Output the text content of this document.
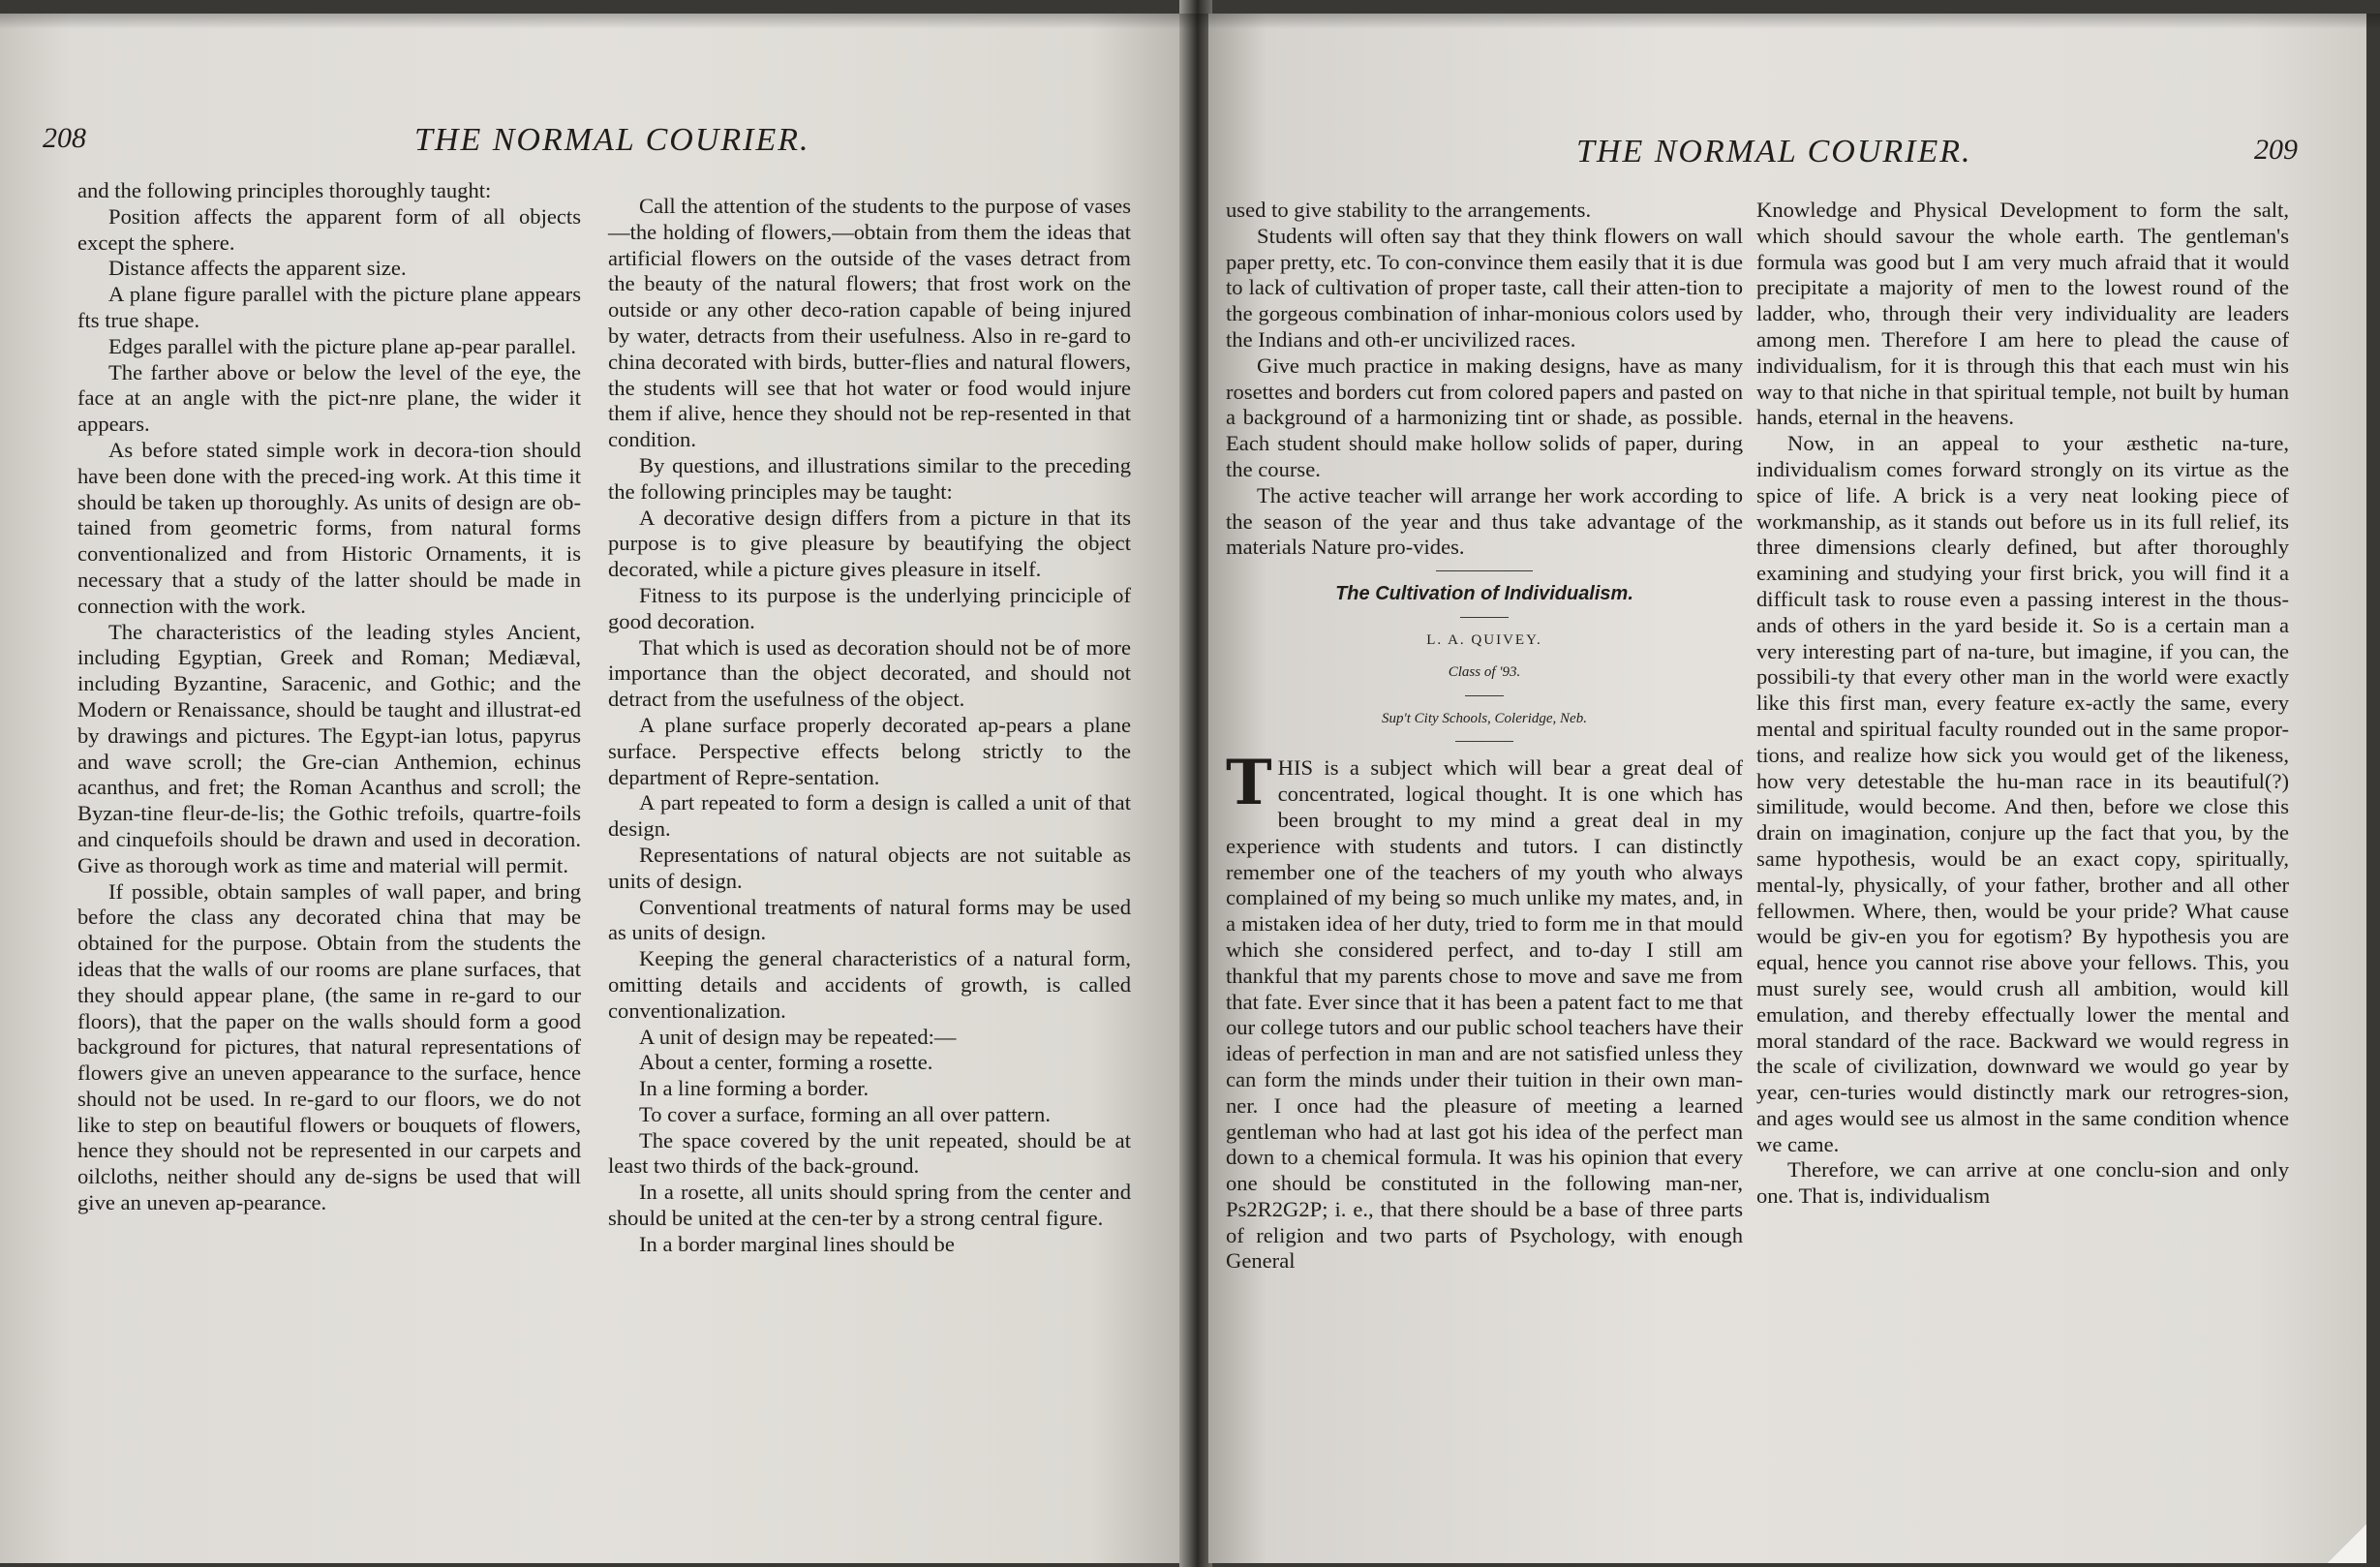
208	THE NORMAL COURIER.

and the following principles thoroughly taught:

Position affects the apparent form of all objects except the sphere.

Distance affects the apparent size.

A plane figure parallel with the picture plane appears fts true shape.

Edges parallel with the picture plane ap-pear parallel.

The farther above or below the level of the eye, the face at an angle with the pict-nre plane, the wider it appears.

As before stated simple work in decora-tion should have been done with the preced-ing work. At this time it should be taken up thoroughly. As units of design are ob-tained from geometric forms, from natural forms conventionalized and from Historic Ornaments, it is necessary that a study of the latter should be made in connection with the work.

The characteristics of the leading styles Ancient, including Egyptian, Greek and Roman; Mediæval, including Byzantine, Saracenic, and Gothic; and the Modern or Renaissance, should be taught and illustrat-ed by drawings and pictures. The Egypt-ian lotus, papyrus and wave scroll; the Gre-cian Anthemion, echinus acanthus, and fret; the Roman Acanthus and scroll; the Byzan-tine fleur-de-lis; the Gothic trefoils, quartre-foils and cinquefoils should be drawn and used in decoration. Give as thorough work as time and material will permit.

If possible, obtain samples of wall paper, and bring before the class any decorated china that may be obtained for the purpose. Obtain from the students the ideas that the walls of our rooms are plane surfaces, that they should appear plane, (the same in re-gard to our floors), that the paper on the walls should form a good background for pictures, that natural representations of flowers give an uneven appearance to the surface, hence should not be used. In re-gard to our floors, we do not like to step on beautiful flowers or bouquets of flowers, hence they should not be represented in our carpets and oilcloths, neither should any de-signs be used that will give an uneven ap-pearance.

Call the attention of the students to the purpose of vases—the holding of flowers,—obtain from them the ideas that artificial flowers on the outside of the vases detract from the beauty of the natural flowers; that frost work on the outside or any other deco-ration capable of being injured by water, detracts from their usefulness. Also in re-gard to china decorated with birds, butter-flies and natural flowers, the students will see that hot water or food would injure them if alive, hence they should not be rep-resented in that condition.

By questions, and illustrations similar to the preceding the following principles may be taught:

A decorative design differs from a picture in that its purpose is to give pleasure by beautifying the object decorated, while a picture gives pleasure in itself.

Fitness to its purpose is the underlying princiciple of good decoration.

That which is used as decoration should not be of more importance than the object decorated, and should not detract from the usefulness of the object.

A plane surface properly decorated ap-pears a plane surface. Perspective effects belong strictly to the department of Repre-sentation.

A part repeated to form a design is called a unit of that design.

Representations of natural objects are not suitable as units of design.

Conventional treatments of natural forms may be used as units of design.

Keeping the general characteristics of a natural form, omitting details and accidents of growth, is called conventionalization.

A unit of design may be repeated:—

About a center, forming a rosette.

In a line forming a border.

To cover a surface, forming an all over pattern.

The space covered by the unit repeated, should be at least two thirds of the back-ground.

In a rosette, all units should spring from the center and should be united at the cen-ter by a strong central figure.

In a border marginal lines should be

THE NORMAL COURIER.	209

used to give stability to the arrangements.

Students will often say that they think flowers on wall paper pretty, etc. To con-convince them easily that it is due to lack of cultivation of proper taste, call their atten-tion to the gorgeous combination of inhar-monious colors used by the Indians and oth-er uncivilized races.

Give much practice in making designs, have as many rosettes and borders cut from colored papers and pasted on a background of a harmonizing tint or shade, as possible. Each student should make hollow solids of paper, during the course.

The active teacher will arrange her work according to the season of the year and thus take advantage of the materials Nature pro-vides.

The Cultivation of Individualism.
L. A. QUIVEY.
Class of '93.
Sup't City Schools, Coleridge, Neb.

THIS is a subject which will bear a great deal of concentrated, logical thought. It is one which has been brought to my mind a great deal in my experience with students and tutors. I can distinctly remember one of the teachers of my youth who always complained of my being so much unlike my mates, and, in a mistaken idea of her duty, tried to form me in that mould which she considered perfect, and to-day I still am thankful that my parents chose to move and save me from that fate. Ever since that it has been a patent fact to me that our college tutors and our public school teachers have their ideas of perfection in man and are not satisfied unless they can form the minds under their tuition in their own man-ner. I once had the pleasure of meeting a learned gentleman who had at last got his idea of the perfect man down to a chemical formula. It was his opinion that every one should be constituted in the following man-ner, Ps2R2G2P; i. e., that there should be a base of three parts of religion and two parts of Psychology, with enough General

Knowledge and Physical Development to form the salt, which should savour the whole earth. The gentleman's formula was good but I am very much afraid that it would precipitate a majority of men to the lowest round of the ladder, who, through their very individuality are leaders among men. Therefore I am here to plead the cause of individualism, for it is through this that each must win his way to that niche in that spiritual temple, not built by human hands, eternal in the heavens.

Now, in an appeal to your æsthetic na-ture, individualism comes forward strongly on its virtue as the spice of life. A brick is a very neat looking piece of workmanship, as it stands out before us in its full relief, its three dimensions clearly defined, but after thoroughly examining and studying your first brick, you will find it a difficult task to rouse even a passing interest in the thous-ands of others in the yard beside it. So is a certain man a very interesting part of na-ture, but imagine, if you can, the possibili-ty that every other man in the world were exactly like this first man, every feature ex-actly the same, every mental and spiritual faculty rounded out in the same propor-tions, and realize how sick you would get of the likeness, how very detestable the hu-man race in its beautiful(?) similitude, would become. And then, before we close this drain on imagination, conjure up the fact that you, by the same hypothesis, would be an exact copy, spiritually, mental-ly, physically, of your father, brother and all other fellowmen. Where, then, would be your pride? What cause would be giv-en you for egotism? By hypothesis you are equal, hence you cannot rise above your fellows. This, you must surely see, would crush all ambition, would kill emulation, and thereby effectually lower the mental and moral standard of the race. Backward we would regress in the scale of civilization, downward we would go year by year, cen-turies would distinctly mark our retrogres-sion, and ages would see us almost in the same condition whence we came.

Therefore, we can arrive at one conclu-sion and only one. That is, individualism
